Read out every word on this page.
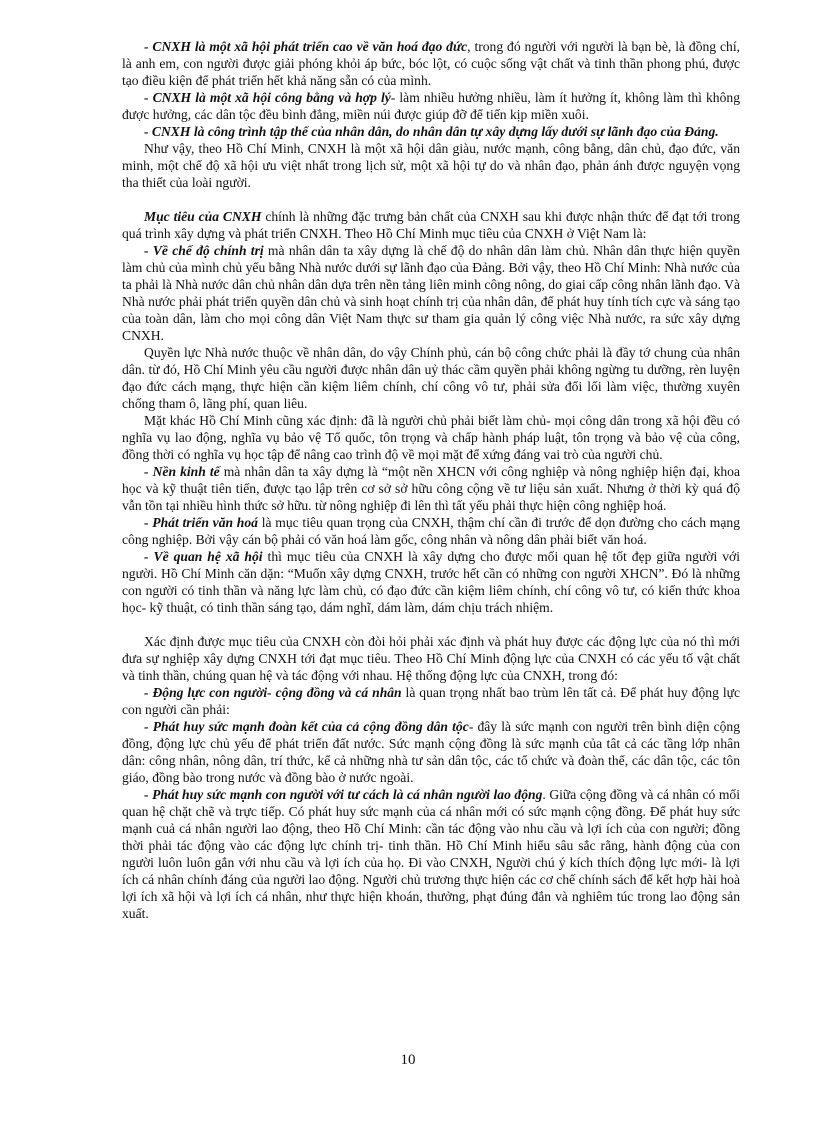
- CNXH là một xã hội phát triển cao về văn hoá đạo đức, trong đó người với người là bạn bè, là đồng chí, là anh em, con người được giải phóng khỏi áp bức, bóc lột, có cuộc sống vật chất và tinh thần phong phú, được tạo điều kiện để phát triển hết khả năng sẵn có của mình.

- CNXH là một xã hội công bằng và hợp lý- làm nhiều hưởng nhiều, làm ít hưởng ít, không làm thì không được hưởng, các dân tộc đều bình đẳng, miền núi được giúp đỡ để tiến kịp miền xuôi.

- CNXH là công trình tập thể của nhân dân, do nhân dân tự xây dựng lấy dưới sự lãnh đạo của Đảng.

Như vậy, theo Hồ Chí Minh, CNXH là một xã hội dân giàu, nước mạnh, công bằng, dân chủ, đạo đức, văn minh, một chế độ xã hội ưu việt nhất trong lịch sử, một xã hội tự do và nhân đạo, phản ánh được nguyện vọng tha thiết của loài người.

Mục tiêu của CNXH chính là những đặc trưng bản chất của CNXH sau khi được nhận thức để đạt tới trong quá trình xây dựng và phát triển CNXH. Theo Hồ Chí Minh mục tiêu của CNXH ở Việt Nam là:

- Về chế độ chính trị mà nhân dân ta xây dựng là chế độ do nhân dân làm chủ. Nhân dân thực hiện quyền làm chủ của mình chủ yếu bằng Nhà nước dưới sự lãnh đạo của Đảng. Bởi vậy, theo Hồ Chí Minh: Nhà nước của ta phải là Nhà nước dân chủ nhân dân dựa trên nền tảng liên minh công nông, do giai cấp công nhân lãnh đạo. Và Nhà nước phải phát triển quyền dân chủ và sinh hoạt chính trị của nhân dân, để phát huy tính tích cực và sáng tạo của toàn dân, làm cho mọi công dân Việt Nam thực sư tham gia quản lý công việc Nhà nước, ra sức xây dựng CNXH.

Quyền lực Nhà nước thuộc về nhân dân, do vậy Chính phủ, cán bộ công chức phải là đầy tớ chung của nhân dân. từ đó, Hồ Chí Minh yêu cầu người được nhân dân uỷ thác cầm quyền phải không ngừng tu dưỡng, rèn luyện đạo đức cách mạng, thực hiện cần kiệm liêm chính, chí công vô tư, phải sửa đổi lối làm việc, thường xuyên chống tham ô, lãng phí, quan liêu.

Mặt khác Hồ Chí Minh cũng xác định: đã là người chủ phải biết làm chủ- mọi công dân trong xã hội đều có nghĩa vụ lao động, nghĩa vụ bảo vệ Tổ quốc, tôn trọng và chấp hành pháp luật, tôn trọng và bảo vệ của công, đồng thời có nghĩa vụ học tập để nâng cao trình độ về mọi mặt để xứng đáng vai trò của người chủ.

- Nền kinh tế mà nhân dân ta xây dựng là “một nền XHCN với công nghiệp và nông nghiệp hiện đại, khoa học và kỹ thuật tiên tiến, được tạo lập trên cơ sở sở hữu công cộng về tư liệu sản xuất. Nhưng ở thời kỳ quá độ vẫn tồn tại nhiều hình thức sở hữu. từ nông nghiệp đi lên thì tất yếu phải thực hiện công nghiệp hoá.

- Phát triển văn hoá là mục tiêu quan trọng của CNXH, thậm chí cần đi trước để dọn đường cho cách mạng công nghiệp. Bởi vậy cán bộ phải có văn hoá làm gốc, công nhân và nông dân phải biết văn hoá.

- Về quan hệ xã hội thì mục tiêu của CNXH là xây dựng cho được mối quan hệ tốt đẹp giữa người với người. Hồ Chí Minh căn dặn: “Muốn xây dựng CNXH, trước hết cần có những con người XHCN”. Đó là những con người có tinh thần và năng lực làm chủ, có đạo đức cần kiệm liêm chính, chí công vô tư, có kiến thức khoa học- kỹ thuật, có tinh thần sáng tạo, dám nghĩ, dám làm, dám chịu trách nhiệm.

Xác định được mục tiêu của CNXH còn đòi hỏi phải xác định và phát huy được các động lực của nó thì mới đưa sự nghiệp xây dựng CNXH tới đạt mục tiêu. Theo Hồ Chí Minh động lực của CNXH có các yếu tố vật chất và tinh thần, chúng quan hệ và tác động với nhau. Hệ thống động lực của CNXH, trong đó:

- Động lực con người- cộng đồng và cá nhân là quan trọng nhất bao trùm lên tất cả. Để phát huy động lực con người cần phải:

- Phát huy sức mạnh đoàn kết của cả cộng đồng dân tộc- đây là sức mạnh con người trên bình diện cộng đồng, động lực chủ yếu để phát triển đất nước. Sức mạnh cộng đồng là sức mạnh của tât cả các tầng lớp nhân dân: công nhân, nông dân, trí thức, kể cả những nhà tư sản dân tộc, các tổ chức và đoàn thể, các dân tộc, các tôn giáo, đồng bào trong nước và đồng bào ở nước ngoài.

- Phát huy sức mạnh con người với tư cách là cá nhân người lao động. Giữa cộng đồng và cá nhân có mối quan hệ chặt chẽ và trực tiếp. Có phát huy sức mạnh của cá nhân mới có sức mạnh cộng đồng. Để phát huy sức mạnh cuả cá nhân người lao động, theo Hồ Chí Minh: cần tác động vào nhu cầu và lợi ích của con người; đồng thời phải tác động vào các động lực chính trị- tinh thần. Hồ Chí Minh hiểu sâu sắc rằng, hành động của con người luôn luôn gắn với nhu cầu và lợi ích của họ. Đi vào CNXH, Người chú ý kích thích động lực mới- là lợi ích cá nhân chính đáng của người lao động. Người chủ trương thực hiện các cơ chế chính sách để kết hợp hài hoà lợi ích xã hội và lợi ích cá nhân, như thực hiện khoán, thưởng, phạt đúng đắn và nghiêm túc trong lao động sản xuất.

10
